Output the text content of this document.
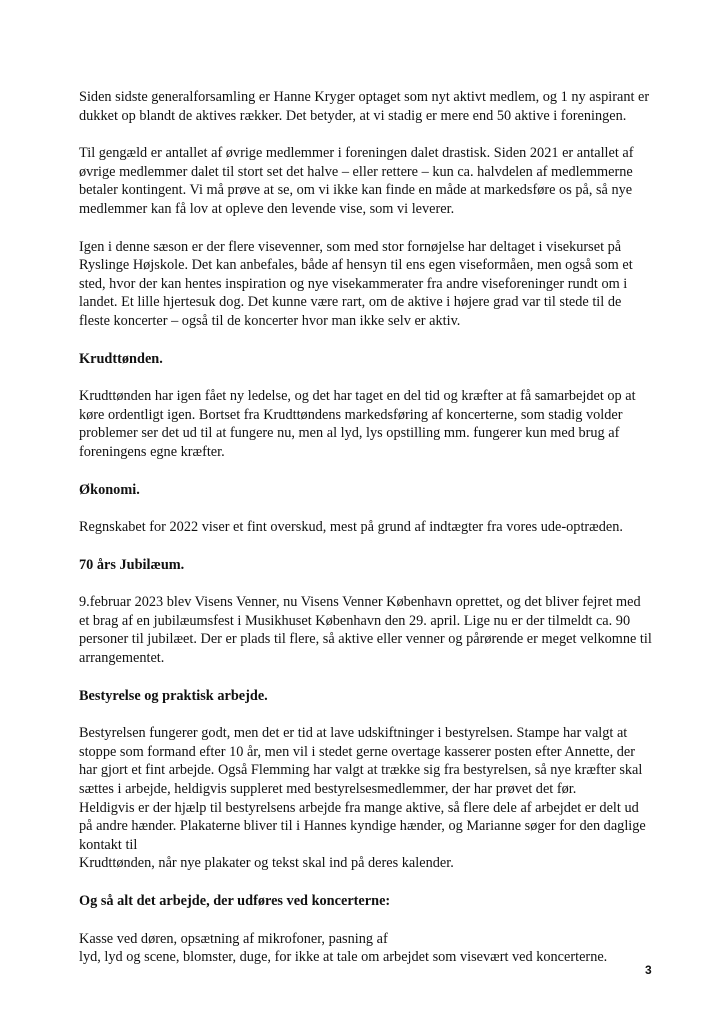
Siden sidste generalforsamling er Hanne Kryger optaget som nyt aktivt medlem, og 1 ny aspirant er dukket op blandt de aktives rækker. Det betyder, at vi stadig er mere end 50 aktive i foreningen.

Til gengæld er antallet af øvrige medlemmer i foreningen dalet drastisk. Siden 2021 er antallet af øvrige medlemmer dalet til stort set det halve – eller rettere – kun ca. halvdelen af medlemmerne betaler kontingent. Vi må prøve at se, om vi ikke kan finde en måde at markedsføre os på, så nye medlemmer kan få lov at opleve den levende vise, som vi leverer.

Igen i denne sæson er der flere visevenner, som med stor fornøjelse har deltaget i visekurset på Ryslinge Højskole. Det kan anbefales, både af hensyn til ens egen viseformåen, men også som et sted, hvor der kan hentes inspiration og nye visekammerater fra andre viseforeninger rundt om i landet. Et lille hjertesuk dog. Det kunne være rart, om de aktive i højere grad var til stede til de fleste koncerter – også til de koncerter hvor man ikke selv er aktiv.

Krudttønden.

Krudttønden har igen fået ny ledelse, og det har taget en del tid og kræfter at få samarbejdet op at køre ordentligt igen. Bortset fra Krudttøndens markedsføring af koncerterne, som stadig volder problemer ser det ud til at fungere nu, men al lyd, lys opstilling mm. fungerer kun med brug af foreningens egne kræfter.

Økonomi.

Regnskabet for 2022 viser et fint overskud, mest på grund af indtægter fra vores ude-optræden.

70 års Jubilæum.

9.februar 2023 blev Visens Venner, nu Visens Venner København oprettet, og det bliver fejret med et brag af en jubilæumsfest i Musikhuset København den 29. april. Lige nu er der tilmeldt ca. 90 personer til jubilæet. Der er plads til flere, så aktive eller venner og pårørende er meget velkomne til arrangementet.

Bestyrelse og praktisk arbejde.

Bestyrelsen fungerer godt, men det er tid at lave udskiftninger i bestyrelsen. Stampe har valgt at stoppe som formand efter 10 år, men vil i stedet gerne overtage kasserer posten efter Annette, der har gjort et fint arbejde. Også Flemming har valgt at trække sig fra bestyrelsen, så nye kræfter skal sættes i arbejde, heldigvis suppleret med bestyrelsesmedlemmer, der har prøvet det før.
Heldigvis er der hjælp til bestyrelsens arbejde fra mange aktive, så flere dele af arbejdet er delt ud på andre hænder. Plakaterne bliver til i Hannes kyndige hænder, og Marianne søger for den daglige kontakt til
Krudttønden, når nye plakater og tekst skal ind på deres kalender.

Og så alt det arbejde, der udføres ved koncerterne:

Kasse ved døren, opsætning af mikrofoner, pasning af
lyd, lyd og scene, blomster, duge, for ikke at tale om arbejdet som visevært ved koncerterne.

3
